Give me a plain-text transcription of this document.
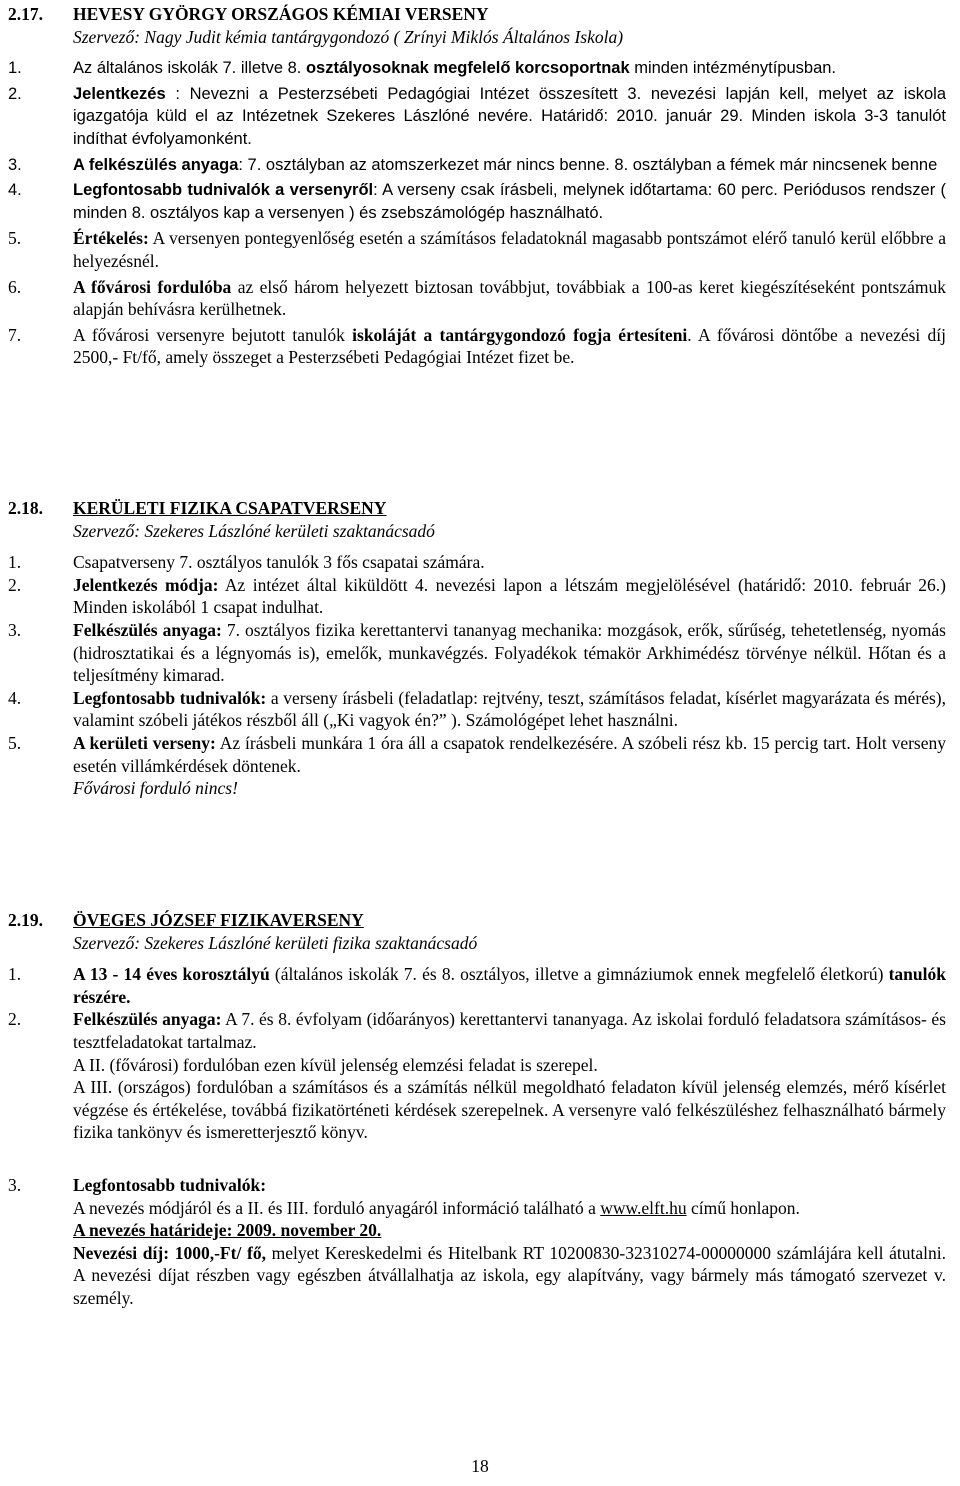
2.17.	HEVESY GYÖRGY ORSZÁGOS KÉMIAI VERSENY
Szervező: Nagy Judit kémia tantárgygondozó ( Zrínyi Miklós Általános Iskola)
1.	Az általános iskolák 7. illetve 8. osztályosoknak megfelelő korcsoportnak minden intézménytípusban.
2.	Jelentkezés : Nevezni a Pesterzsébeti Pedagógiai Intézet összesített 3. nevezési lapján kell, melyet az iskola igazgatója küld el az Intézetnek Szekeres Lászlóné nevére. Határidő: 2010. január 29. Minden iskola 3-3 tanulót indíthat évfolyamonként.
3.	A felkészülés anyaga: 7. osztályban az atomszerkezet már nincs benne. 8. osztályban a fémek már nincsenek benne
4.	Legfontosabb tudnivalók a versenyről: A verseny csak írásbeli, melynek időtartama: 60 perc. Periódusos rendszer ( minden 8. osztályos kap a versenyen ) és zsebszámológép használható.
5.	Értékelés: A versenyen pontegyenlőség esetén a számításos feladatoknál magasabb pontszámot elérő tanuló kerül előbbre a helyezésnél.
6.	A fővárosi fordulóba az első három helyezett biztosan továbbjut, továbbiak a 100-as keret kiegészítéseként pontszámuk alapján behívásra kerülhetnek.
7.	A fővárosi versenyre bejutott tanulók iskoláját a tantárgygondozó fogja értesíteni. A fővárosi döntőbe a nevezési díj 2500,- Ft/fő, amely összeget a Pesterzsébeti Pedagógiai Intézet fizet be.
2.18.	KERÜLETI FIZIKA CSAPATVERSENY
Szervező: Szekeres Lászlóné kerületi szaktanácsadó
1.	Csapatverseny 7. osztályos tanulók 3 fős csapatai számára.
2.	Jelentkezés módja: Az intézet által kiküldött 4. nevezési lapon a létszám megjelölésével (határidő: 2010. február 26.) Minden iskolából 1 csapat indulhat.
3.	Felkészülés anyaga: 7. osztályos fizika kerettantervi tananyag mechanika: mozgások, erők, sűrűség, tehetetlenség, nyomás (hidrosztatikai és a légnyomás is), emelők, munkavégzés. Folyadékok témakör Arkhimédész törvénye nélkül. Hőtan és a teljesítmény kimarad.
4.	Legfontosabb tudnivalók: a verseny írásbeli (feladatlap: rejtvény, teszt, számításos feladat, kísérlet magyarázata és mérés), valamint szóbeli játékos részből áll („Ki vagyok én?” ). Számológépet lehet használni.
5.	A kerületi verseny: Az írásbeli munkára 1 óra áll a csapatok rendelkezésére. A szóbeli rész kb. 15 percig tart. Holt verseny esetén villámkérdések döntenek.
Fővárosi forduló nincs!
2.19.	ÖVEGES JÓZSEF FIZIKAVERSENY
Szervező: Szekeres Lászlóné kerületi fizika szaktanácsadó
1.	A 13 - 14 éves korosztályú (általános iskolák 7. és 8. osztályos, illetve a gimnáziumok ennek megfelelő életkorú) tanulók részére.
2.	Felkészülés anyaga: A 7. és 8. évfolyam (időarányos) kerettantervi tananyaga. Az iskolai forduló feladatsora számításos- és tesztfeladatokat tartalmaz.
A II. (fővárosi) fordulóban ezen kívül jelenség elemzési feladat is szerepel.
A III. (országos) fordulóban a számításos és a számítás nélkül megoldható feladaton kívül jelenség elemzés, mérő kísérlet végzése és értékelése, továbbá fizikatörténeti kérdések szerepelnek. A versenyre való felkészüléshez felhasználható bármely fizika tankönyv és ismeretterjesztő könyv.
3.	Legfontosabb tudnivalók:
A nevezés módjáról és a II. és III. forduló anyagáról információ található a www.elft.hu című honlapon.
A nevezés határideje: 2009. november 20.
Nevezési díj: 1000,-Ft/ fő, melyet Kereskedelmi és Hitelbank RT 10200830-32310274-00000000 számlájára kell átutalni. A nevezési díjat részben vagy egészben átvállalhatja az iskola, egy alapítvány, vagy bármely más támogató szervezet v. személy.
18
